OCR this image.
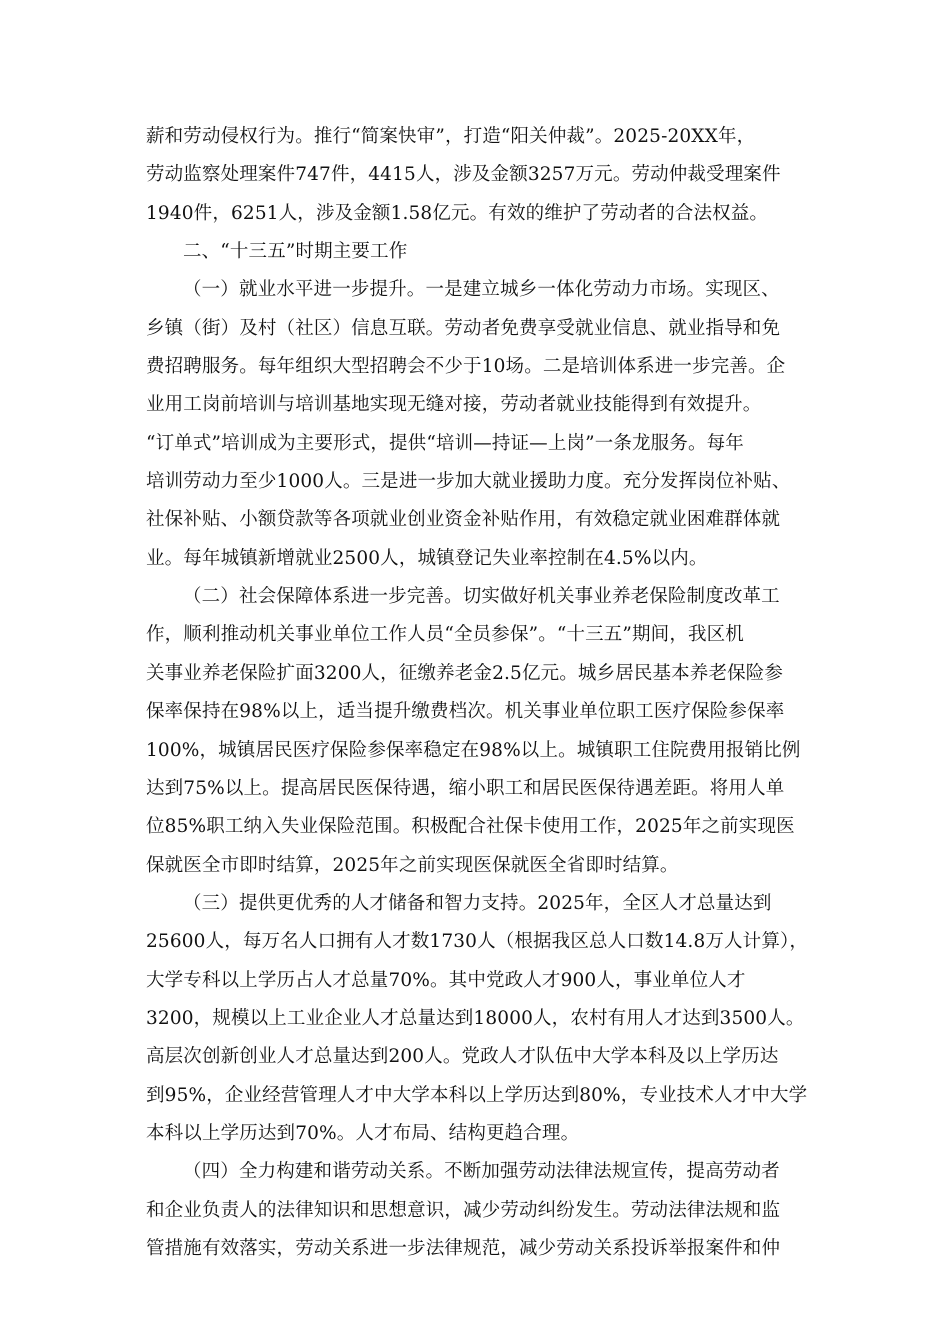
薪和劳动侵权行为。推行“简案快审”，打造“阳关仲裁”。2025-20XX年，
劳动监察处理案件747件，4415人，涉及金额3257万元。劳动仲裁受理案件
1940件，6251人，涉及金额1.58亿元。有效的维护了劳动者的合法权益。
二、“十三五”时期主要工作
（一）就业水平进一步提升。一是建立城乡一体化劳动力市场。实现区、
乡镇（街）及村（社区）信息互联。劳动者免费享受就业信息、就业指导和免
费招聘服务。每年组织大型招聘会不少于10场。二是培训体系进一步完善。企
业用工岗前培训与培训基地实现无缝对接，劳动者就业技能得到有效提升。
“订单式”培训成为主要形式，提供“培训—持证—上岗”一条龙服务。每年
培训劳动力至少1000人。三是进一步加大就业援助力度。充分发挥岗位补贴、
社保补贴、小额贷款等各项就业创业资金补贴作用，有效稳定就业困难群体就
业。每年城镇新增就业2500人，城镇登记失业率控制在4.5%以内。
（二）社会保障体系进一步完善。切实做好机关事业养老保险制度改革工
作，顺利推动机关事业单位工作人员“全员参保”。“十三五”期间，我区机
关事业养老保险扩面3200人，征缴养老金2.5亿元。城乡居民基本养老保险参
保率保持在98%以上，适当提升缴费档次。机关事业单位职工医疗保险参保率
100%，城镇居民医疗保险参保率稳定在98%以上。城镇职工住院费用报销比例
达到75%以上。提高居民医保待遇，缩小职工和居民医保待遇差距。将用人单
位85%职工纳入失业保险范围。积极配合社保卡使用工作，2025年之前实现医
保就医全市即时结算，2025年之前实现医保就医全省即时结算。
（三）提供更优秀的人才储备和智力支持。2025年，全区人才总量达到
25600人，每万名人口拥有人才数1730人（根据我区总人口数14.8万人计算），
大学专科以上学历占人才总量70%。其中党政人才900人，事业单位人才
3200，规模以上工业企业人才总量达到18000人，农村有用人才达到3500人。
高层次创新创业人才总量达到200人。党政人才队伍中大学本科及以上学历达
到95%，企业经营管理人才中大学本科以上学历达到80%，专业技术人才中大学
本科以上学历达到70%。人才布局、结构更趋合理。
（四）全力构建和谐劳动关系。不断加强劳动法律法规宣传，提高劳动者
和企业负责人的法律知识和思想意识，减少劳动纠纷发生。劳动法律法规和监
管措施有效落实，劳动关系进一步法律规范，减少劳动关系投诉举报案件和仲
